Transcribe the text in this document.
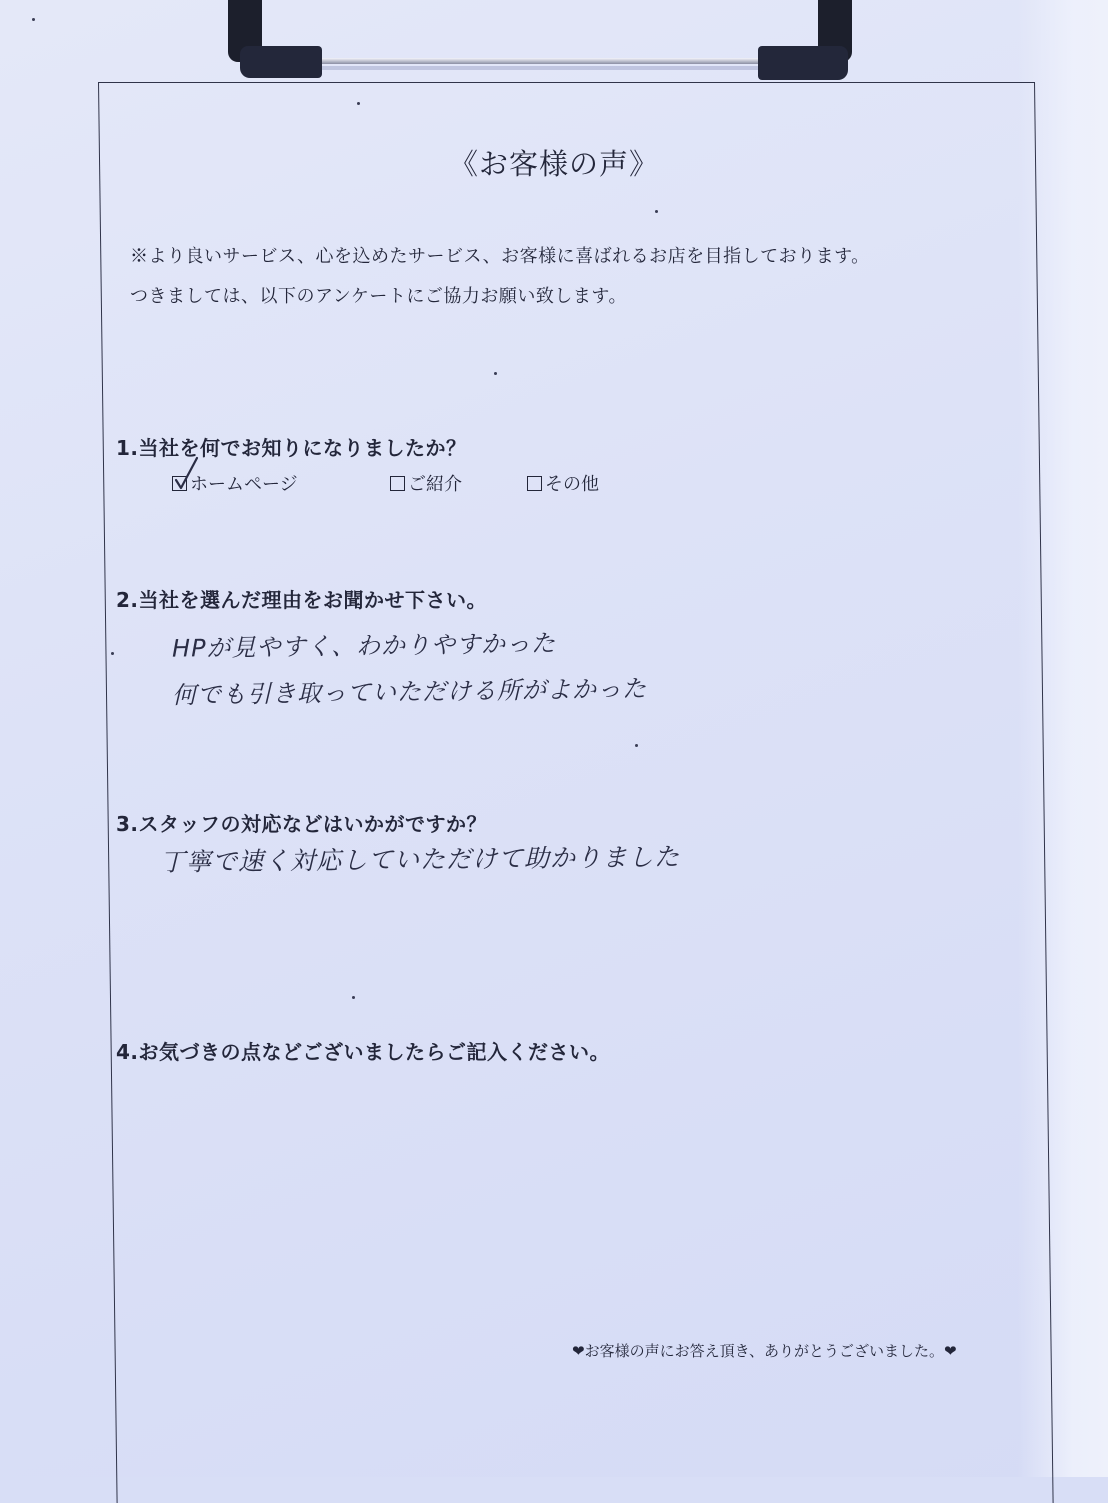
《お客様の声》
※より良いサービス、心を込めたサービス、お客様に喜ばれるお店を目指しております。
つきましては、以下のアンケートにご協力お願い致します。
1.当社を何でお知りになりましたか？
ホームページ	ご紹介	その他
2.当社を選んだ理由をお聞かせ下さい。
HPが見やすく、わかりやすかった
何でも引き取っていただける所がよかった
3.スタッフの対応などはいかがですか？
丁寧で速く対応していただけて助かりました
4.お気づきの点などございましたらご記入ください。
❤お客様の声にお答え頂き、ありがとうございました。❤
